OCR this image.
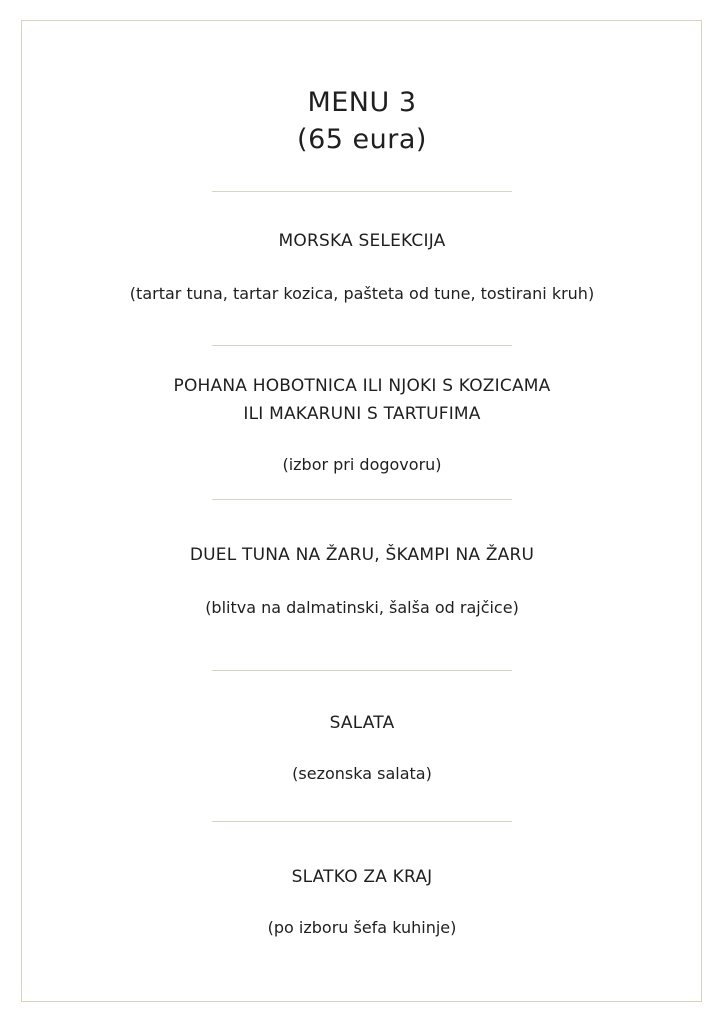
MENU 3
(65 eura)
MORSKA SELEKCIJA
(tartar tuna, tartar kozica, pašteta od tune, tostirani kruh)
POHANA HOBOTNICA ILI NJOKI S KOZICAMA
ILI MAKARUNI S TARTUFIMA
(izbor pri dogovoru)
DUEL TUNA NA ŽARU, ŠKAMPI NA ŽARU
(blitva na dalmatinski, šalša od rajčice)
SALATA
(sezonska salata)
SLATKO ZA KRAJ
(po izboru šefa kuhinje)
